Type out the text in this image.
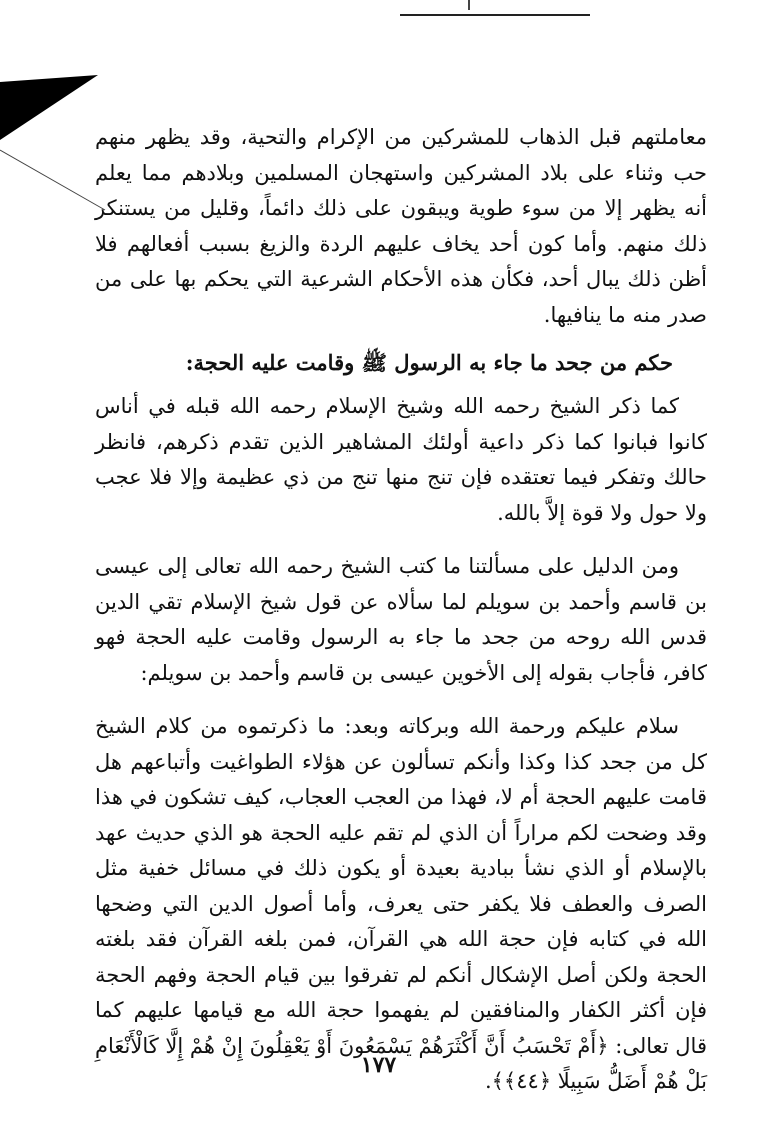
معاملتهم قبل الذهاب للمشركين من الإكرام والتحية، وقد يظهر منهم حب وثناء على بلاد المشركين واستهجان المسلمين وبلادهم مما يعلم أنه يظهر إلا من سوء طوية ويبقون على ذلك دائماً، وقليل من يستنكر ذلك منهم. وأما كون أحد يخاف عليهم الردة والزيغ بسبب أفعالهم فلا أظن ذلك يبال أحد، فكأن هذه الأحكام الشرعية التي يحكم بها على من صدر منه ما ينافيها.

حكم من جحد ما جاء به الرسول ﷺ وقامت عليه الحجة:

كما ذكر الشيخ رحمه الله وشيخ الإسلام رحمه الله قبله في أناس كانوا فبانوا كما ذكر داعية أولئك المشاهير الذين تقدم ذكرهم، فانظر حالك وتفكر فيما تعتقده فإن تنج منها تنج من ذي عظيمة وإلا فلا عجب ولا حول ولا قوة إلاَّ بالله.

ومن الدليل على مسألتنا ما كتب الشيخ رحمه الله تعالى إلى عيسى بن قاسم وأحمد بن سويلم لما سألاه عن قول شيخ الإسلام تقي الدين قدس الله روحه من جحد ما جاء به الرسول وقامت عليه الحجة فهو كافر، فأجاب بقوله إلى الأخوين عيسى بن قاسم وأحمد بن سويلم:

سلام عليكم ورحمة الله وبركاته وبعد: ما ذكرتموه من كلام الشيخ كل من جحد كذا وكذا وأنكم تسألون عن هؤلاء الطواغيت وأتباعهم هل قامت عليهم الحجة أم لا، فهذا من العجب العجاب، كيف تشكون في هذا وقد وضحت لكم مراراً أن الذي لم تقم عليه الحجة هو الذي حديث عهد بالإسلام أو الذي نشأ ببادية بعيدة أو يكون ذلك في مسائل خفية مثل الصرف والعطف فلا يكفر حتى يعرف، وأما أصول الدين التي وضحها الله في كتابه فإن حجة الله هي القرآن، فمن بلغه القرآن فقد بلغته الحجة ولكن أصل الإشكال أنكم لم تفرقوا بين قيام الحجة وفهم الحجة فإن أكثر الكفار والمنافقين لم يفهموا حجة الله مع قيامها عليهم كما قال تعالى: ﴿أَمْ تَحْسَبُ أَنَّ أَكْثَرَهُمْ يَسْمَعُونَ أَوْ يَعْقِلُونَ إِنْ هُمْ إِلَّا كَالْأَنْعَامِ بَلْ هُمْ أَضَلُّ سَبِيلًا ﴿٤٤﴾﴾.

١٧٧
